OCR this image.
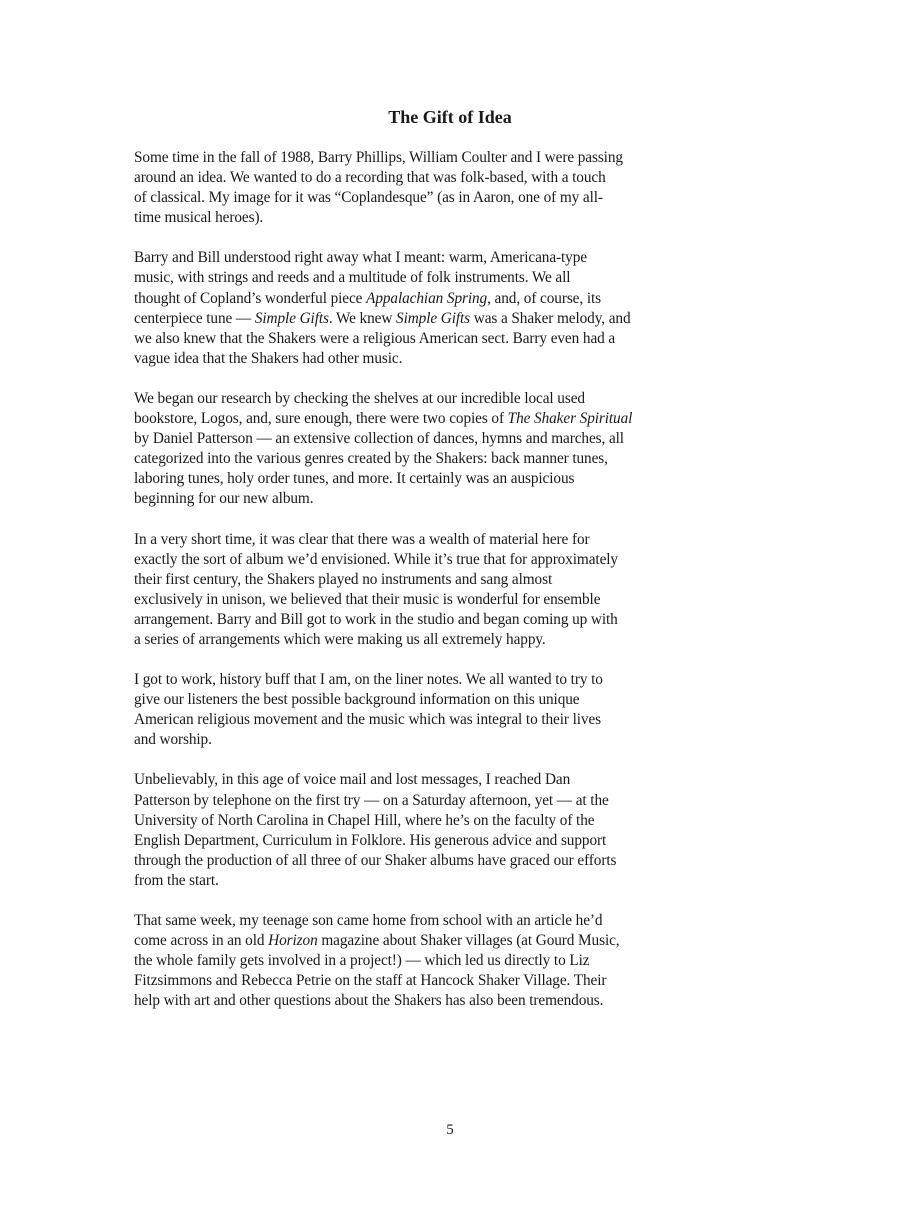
The Gift of Idea

Some time in the fall of 1988, Barry Phillips, William Coulter and I were passing
around an idea. We wanted to do a recording that was folk-based, with a touch
of classical. My image for it was “Coplandesque” (as in Aaron, one of my all-
time musical heroes).

Barry and Bill understood right away what I meant: warm, Americana-type
music, with strings and reeds and a multitude of folk instruments. We all
thought of Copland’s wonderful piece Appalachian Spring, and, of course, its
centerpiece tune — Simple Gifts. We knew Simple Gifts was a Shaker melody, and
we also knew that the Shakers were a religious American sect. Barry even had a
vague idea that the Shakers had other music.

We began our research by checking the shelves at our incredible local used
bookstore, Logos, and, sure enough, there were two copies of The Shaker Spiritual
by Daniel Patterson — an extensive collection of dances, hymns and marches, all
categorized into the various genres created by the Shakers: back manner tunes,
laboring tunes, holy order tunes, and more. It certainly was an auspicious
beginning for our new album.

In a very short time, it was clear that there was a wealth of material here for
exactly the sort of album we’d envisioned. While it’s true that for approximately
their first century, the Shakers played no instruments and sang almost
exclusively in unison, we believed that their music is wonderful for ensemble
arrangement. Barry and Bill got to work in the studio and began coming up with
a series of arrangements which were making us all extremely happy.

I got to work, history buff that I am, on the liner notes. We all wanted to try to
give our listeners the best possible background information on this unique
American religious movement and the music which was integral to their lives
and worship.

Unbelievably, in this age of voice mail and lost messages, I reached Dan
Patterson by telephone on the first try — on a Saturday afternoon, yet — at the
University of North Carolina in Chapel Hill, where he’s on the faculty of the
English Department, Curriculum in Folklore. His generous advice and support
through the production of all three of our Shaker albums have graced our efforts
from the start.

That same week, my teenage son came home from school with an article he’d
come across in an old Horizon magazine about Shaker villages (at Gourd Music,
the whole family gets involved in a project!) — which led us directly to Liz
Fitzsimmons and Rebecca Petrie on the staff at Hancock Shaker Village. Their
help with art and other questions about the Shakers has also been tremendous.

5
